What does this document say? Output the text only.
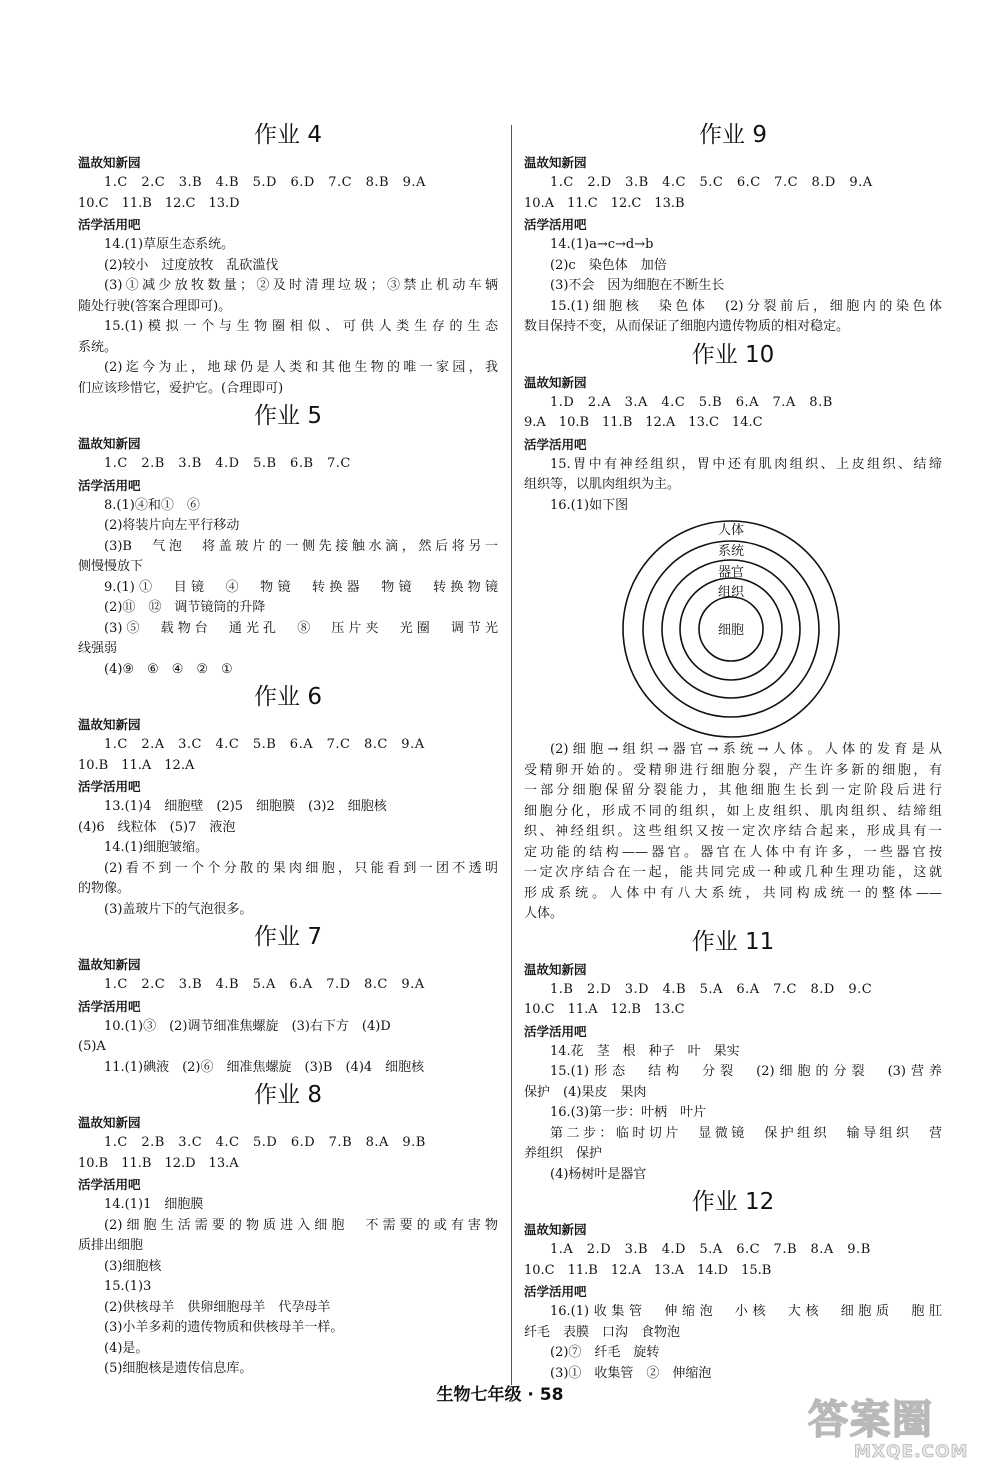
作业 4
温故知新园
1.C　2.C　3.B　4.B　5.D　6.D　7.C　8.B　9.A
10.C　11.B　12.C　13.D
活学活用吧
14.(1)草原生态系统。
(2)较小　过度放牧　乱砍滥伐
(3)①减少放牧数量；②及时清理垃圾；③禁止机动车辆
随处行驶(答案合理即可)。
15.(1)模拟一个与生物圈相似、可供人类生存的生态
系统。
(2)迄今为止，地球仍是人类和其他生物的唯一家园，我
们应该珍惜它，爱护它。(合理即可)
作业 5
温故知新园
1.C　2.B　3.B　4.D　5.B　6.B　7.C
活学活用吧
8.(1)④和①　⑥
(2)将装片向左平行移动
(3)B　气泡　将盖玻片的一侧先接触水滴，然后将另一
侧慢慢放下
9.(1)①　目镜　④　物镜　转换器　物镜　转换物镜
(2)⑪　⑫　调节镜筒的升降
(3)⑤　载物台　通光孔　⑧　压片夹　光圈　调节光
线强弱
(4)⑨　⑥　④　②　①
作业 6
温故知新园
1.C　2.A　3.C　4.C　5.B　6.A　7.C　8.C　9.A
10.B　11.A　12.A
活学活用吧
13.(1)4　细胞壁　(2)5　细胞膜　(3)2　细胞核
(4)6　线粒体　(5)7　液泡
14.(1)细胞皱缩。
(2)看不到一个个分散的果肉细胞，只能看到一团不透明
的物像。
(3)盖玻片下的气泡很多。
作业 7
温故知新园
1.C　2.C　3.B　4.B　5.A　6.A　7.D　8.C　9.A
活学活用吧
10.(1)③　(2)调节细准焦螺旋　(3)右下方　(4)D
(5)A
11.(1)碘液　(2)⑥　细准焦螺旋　(3)B　(4)4　细胞核
作业 8
温故知新园
1.C　2.B　3.C　4.C　5.D　6.D　7.B　8.A　9.B
10.B　11.B　12.D　13.A
活学活用吧
14.(1)1　细胞膜
(2)细胞生活需要的物质进入细胞　不需要的或有害物
质排出细胞
(3)细胞核
15.(1)3
(2)供核母羊　供卵细胞母羊　代孕母羊
(3)小羊多莉的遗传物质和供核母羊一样。
(4)是。
(5)细胞核是遗传信息库。
作业 9
温故知新园
1.C　2.D　3.B　4.C　5.C　6.C　7.C　8.D　9.A
10.A　11.C　12.C　13.B
活学活用吧
14.(1)a→c→d→b
(2)c　染色体　加倍
(3)不会　因为细胞在不断生长
15.(1)细胞核　染色体　(2)分裂前后，细胞内的染色体
数目保持不变，从而保证了细胞内遗传物质的相对稳定。
作业 10
温故知新园
1.D　2.A　3.A　4.C　5.B　6.A　7.A　8.B
9.A　10.B　11.B　12.A　13.C　14.C
活学活用吧
15.胃中有神经组织，胃中还有肌肉组织、上皮组织、结缔
组织等，以肌肉组织为主。
16.(1)如下图
人体
系统
器官
组织
细胞
(2)细胞→组织→器官→系统→人体。人体的发育是从
受精卵开始的。受精卵进行细胞分裂，产生许多新的细胞，有
一部分细胞保留分裂能力，其他细胞生长到一定阶段后进行
细胞分化，形成不同的组织，如上皮组织、肌肉组织、结缔组
织、神经组织。这些组织又按一定次序结合起来，形成具有一
定功能的结构——器官。器官在人体中有许多，一些器官按
一定次序结合在一起，能共同完成一种或几种生理功能，这就
形成系统。人体中有八大系统，共同构成统一的整体——
人体。
作业 11
温故知新园
1.B　2.D　3.D　4.B　5.A　6.A　7.C　8.D　9.C
10.C　11.A　12.B　13.C
活学活用吧
14.花　茎　根　种子　叶　果实
15.(1)形态　结构　分裂　(2)细胞的分裂　(3)营养
保护　(4)果皮　果肉
16.(3)第一步：叶柄　叶片
第二步：临时切片　显微镜　保护组织　输导组织　营
养组织　保护
(4)杨树叶是器官
作业 12
温故知新园
1.A　2.D　3.B　4.D　5.A　6.C　7.B　8.A　9.B
10.C　11.B　12.A　13.A　14.D　15.B
活学活用吧
16.(1)收集管　伸缩泡　小核　大核　细胞质　胞肛
纤毛　表膜　口沟　食物泡
(2)⑦　纤毛　旋转
(3)①　收集管　②　伸缩泡
生物七年级 · 58
答案圈
MXQE.COM
